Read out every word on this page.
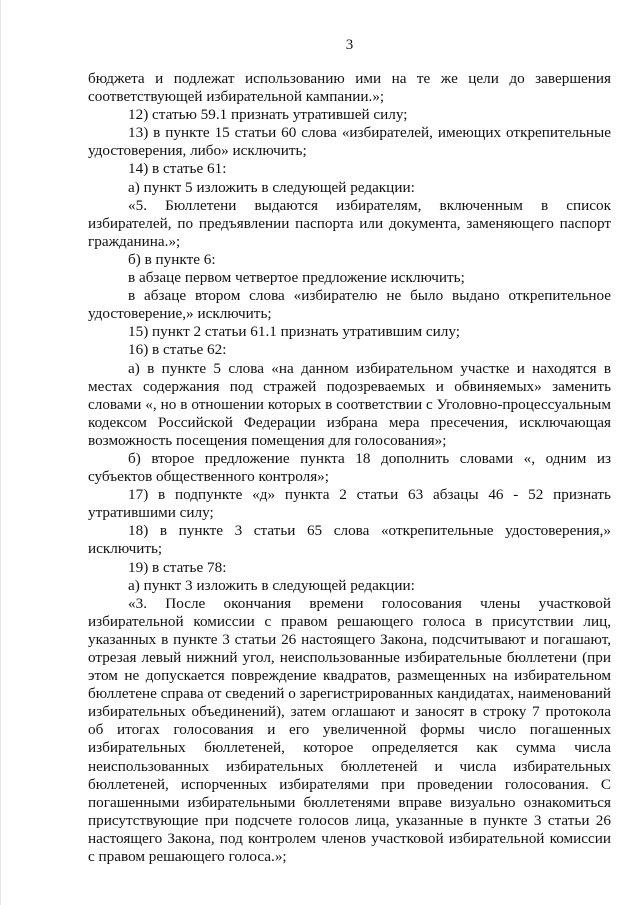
3

бюджета и подлежат использованию ими на те же цели до завершения соответствующей избирательной кампании.»;

12) статью 59.1 признать утратившей силу;

13) в пункте 15 статьи 60 слова «избирателей, имеющих открепительные удостоверения, либо» исключить;

14) в статье 61:

а) пункт 5 изложить в следующей редакции:

«5. Бюллетени выдаются избирателям, включенным в список избирателей, по предъявлении паспорта или документа, заменяющего паспорт гражданина.»;

б) в пункте 6:

в абзаце первом четвертое предложение исключить;

в абзаце втором слова «избирателю не было выдано открепительное удостоверение,» исключить;

15) пункт 2 статьи 61.1 признать утратившим силу;

16) в статье 62:

а) в пункте 5 слова «на данном избирательном участке и находятся в местах содержания под стражей подозреваемых и обвиняемых» заменить словами «, но в отношении которых в соответствии с Уголовно-процессуальным кодексом Российской Федерации избрана мера пресечения, исключающая возможность посещения помещения для голосования»;

б) второе предложение пункта 18 дополнить словами «, одним из субъектов общественного контроля»;

17) в подпункте «д» пункта 2 статьи 63 абзацы 46 - 52 признать утратившими силу;

18) в пункте 3 статьи 65 слова «открепительные удостоверения,» исключить;

19) в статье 78:

а) пункт 3 изложить в следующей редакции:

«3. После окончания времени голосования члены участковой избирательной комиссии с правом решающего голоса в присутствии лиц, указанных в пункте 3 статьи 26 настоящего Закона, подсчитывают и погашают, отрезая левый нижний угол, неиспользованные избирательные бюллетени (при этом не допускается повреждение квадратов, размещенных на избирательном бюллетене справа от сведений о зарегистрированных кандидатах, наименований избирательных объединений), затем оглашают и заносят в строку 7 протокола об итогах голосования и его увеличенной формы число погашенных избирательных бюллетеней, которое определяется как сумма числа неиспользованных избирательных бюллетеней и числа избирательных бюллетеней, испорченных избирателями при проведении голосования. С погашенными избирательными бюллетенями вправе визуально ознакомиться присутствующие при подсчете голосов лица, указанные в пункте 3 статьи 26 настоящего Закона, под контролем членов участковой избирательной комиссии с правом решающего голоса.»;
